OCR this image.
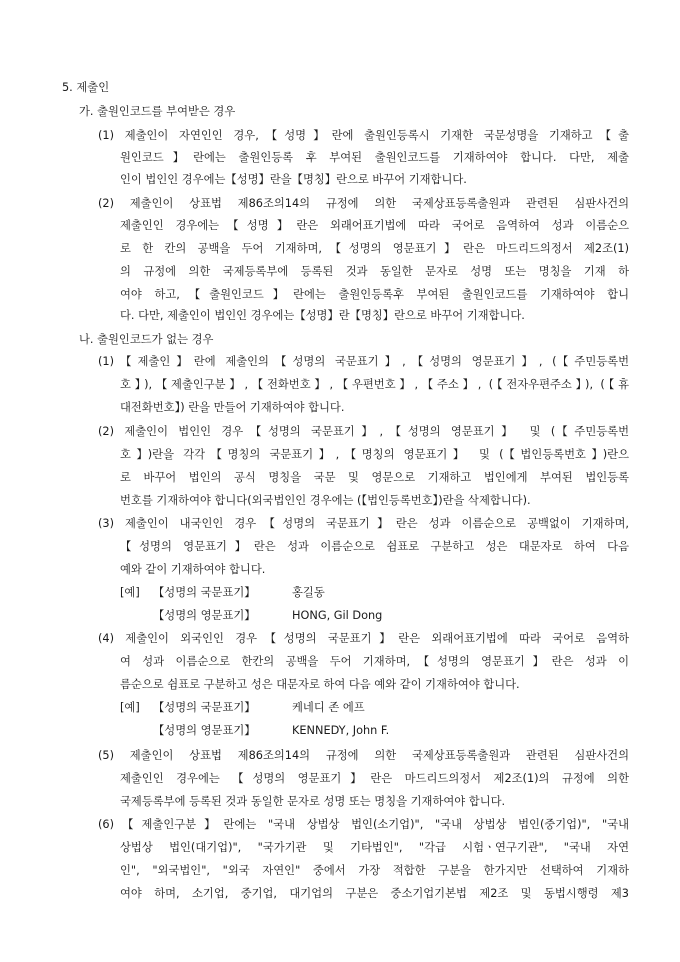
5. 제출인
가. 출원인코드를 부여받은 경우
(1) 제출인이 자연인인 경우,【성명】란에 출원인등록시 기재한 국문성명을 기재하고【출
원인코드】란에는 출원인등록 후 부여된 출원인코드를 기재하여야 합니다. 다만, 제출
인이 법인인 경우에는【성명】란을【명칭】란으로 바꾸어 기재합니다.
(2) 제출인이 상표법 제86조의14의 규정에 의한 국제상표등록출원과 관련된 심판사건의
제출인인 경우에는【성명】란은 외래어표기법에 따라 국어로 음역하여 성과 이름순으
로 한 칸의 공백을 두어 기재하며,【성명의 영문표기】란은 마드리드의정서 제2조(1)
의 규정에 의한 국제등록부에 등록된 것과 동일한 문자로 성명 또는 명칭을 기재 하
여야 하고,【출원인코드】란에는 출원인등록후 부여된 출원인코드를 기재하여야 합니
다. 다만, 제출인이 법인인 경우에는【성명】란【명칭】란으로 바꾸어 기재합니다.
나. 출원인코드가 없는 경우
(1)【제출인】란에 제출인의【성명의 국문표기】,【성명의 영문표기】, (【주민등록번
호】),【제출인구분】,【전화번호】,【우편번호】,【주소】, (【전자우편주소】), (【휴
대전화번호】) 란을 만들어 기재하여야 합니다.
(2) 제출인이 법인인 경우【성명의 국문표기】,【성명의 영문표기】 및 (【주민등록번
호】)란을 각각【명칭의 국문표기】,【명칭의 영문표기】 및 (【법인등록번호】)란으
로 바꾸어 법인의 공식 명칭을 국문 및 영문으로 기재하고 법인에게 부여된 법인등록
번호를 기재하여야 합니다(외국법인인 경우에는 (【법인등록번호】)란을 삭제합니다).
(3) 제출인이 내국인인 경우【성명의 국문표기】란은 성과 이름순으로 공백없이 기재하며,
【성명의 영문표기】란은 성과 이름순으로 쉼표로 구분하고 성은 대문자로 하여 다음
예와 같이 기재하여야 합니다.
[예] 【성명의 국문표기】	홍길동
【성명의 영문표기】	HONG, Gil Dong
(4) 제출인이 외국인인 경우【성명의 국문표기】란은 외래어표기법에 따라 국어로 음역하
여 성과 이름순으로 한칸의 공백을 두어 기재하며,【성명의 영문표기】란은 성과 이
름순으로 쉼표로 구분하고 성은 대문자로 하여 다음 예와 같이 기재하여야 합니다.
[예] 【성명의 국문표기】	케네디 존 에프
【성명의 영문표기】	KENNEDY, John F.
(5) 제출인이 상표법 제86조의14의 규정에 의한 국제상표등록출원과 관련된 심판사건의
제출인인 경우에는 【성명의 영문표기】란은 마드리드의정서 제2조(1)의 규정에 의한
국제등록부에 등록된 것과 동일한 문자로 성명 또는 명칭을 기재하여야 합니다.
(6)【제출인구분】란에는 "국내 상법상 법인(소기업)", "국내 상법상 법인(중기업)", "국내
상법상 법인(대기업)", "국가기관 및 기타법인", "각급 시험ㆍ연구기관", "국내 자연
인", "외국법인", "외국 자연인" 중에서 가장 적합한 구분을 한가지만 선택하여 기재하
여야 하며, 소기업, 중기업, 대기업의 구분은 중소기업기본법 제2조 및 동법시행령 제3
